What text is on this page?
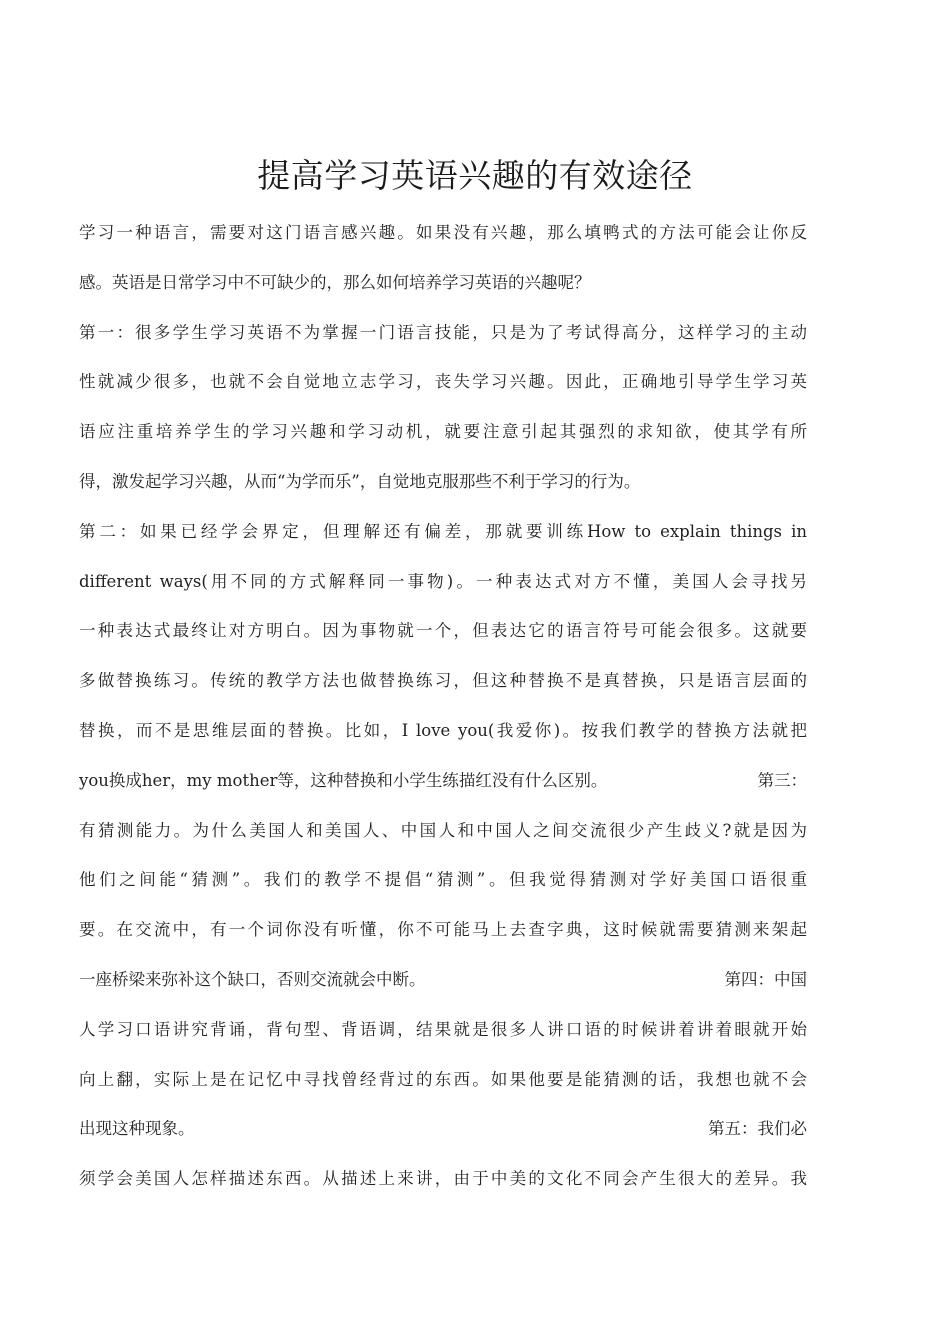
提高学习英语兴趣的有效途径
学习一种语言，需要对这门语言感兴趣。如果没有兴趣，那么填鸭式的方法可能会让你反
感。英语是日常学习中不可缺少的，那么如何培养学习英语的兴趣呢？
第一：很多学生学习英语不为掌握一门语言技能，只是为了考试得高分，这样学习的主动
性就减少很多，也就不会自觉地立志学习，丧失学习兴趣。因此，正确地引导学生学习英
语应注重培养学生的学习兴趣和学习动机，就要注意引起其强烈的求知欲，使其学有所
得，激发起学习兴趣，从而“为学而乐”，自觉地克服那些不利于学习的行为。
第二：如果已经学会界定，但理解还有偏差，那就要训练How to explain things in
different ways(用不同的方式解释同一事物)。一种表达式对方不懂，美国人会寻找另
一种表达式最终让对方明白。因为事物就一个，但表达它的语言符号可能会很多。这就要
多做替换练习。传统的教学方法也做替换练习，但这种替换不是真替换，只是语言层面的
替换，而不是思维层面的替换。比如，I love you(我爱你)。按我们教学的替换方法就把
you换成her，my mother等，这种替换和小学生练描红没有什么区别。	第三：
有猜测能力。为什么美国人和美国人、中国人和中国人之间交流很少产生歧义?就是因为
他们之间能“猜测”。我们的教学不提倡“猜测”。但我觉得猜测对学好美国口语很重
要。在交流中，有一个词你没有听懂，你不可能马上去查字典，这时候就需要猜测来架起
一座桥梁来弥补这个缺口，否则交流就会中断。	第四：中国
人学习口语讲究背诵，背句型、背语调，结果就是很多人讲口语的时候讲着讲着眼就开始
向上翻，实际上是在记忆中寻找曾经背过的东西。如果他要是能猜测的话，我想也就不会
出现这种现象。	第五：我们必
须学会美国人怎样描述东西。从描述上来讲，由于中美的文化不同会产生很大的差异。我
